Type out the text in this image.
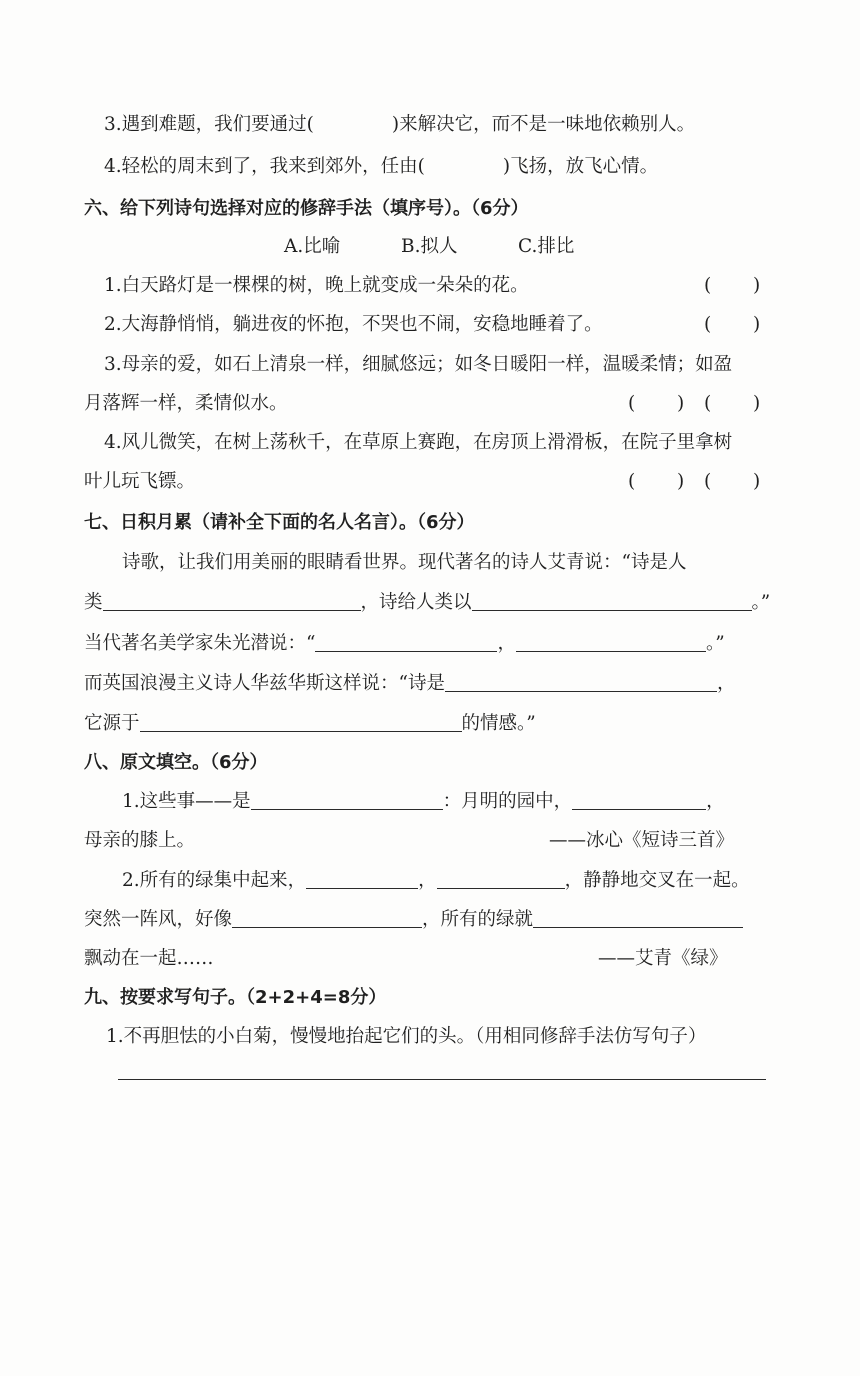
3.遇到难题，我们要通过(	)来解决它，而不是一味地依赖别人。
4.轻松的周末到了，我来到郊外，任由(	)飞扬，放飞心情。
六、给下列诗句选择对应的修辞手法（填序号）。（6分）
A.比喻	B.拟人	C.排比
1.白天路灯是一棵棵的树，晚上就变成一朵朵的花。	( )
2.大海静悄悄，躺进夜的怀抱，不哭也不闹，安稳地睡着了。	( )
3.母亲的爱，如石上清泉一样，细腻悠远；如冬日暖阳一样，温暖柔情；如盈
月落辉一样，柔情似水。	( ) ( )
4.风儿微笑，在树上荡秋千，在草原上赛跑，在房顶上滑滑板，在院子里拿树
叶儿玩飞镖。	( ) ( )
七、日积月累（请补全下面的名人名言）。（6分）
诗歌，让我们用美丽的眼睛看世界。现代著名的诗人艾青说：“诗是人
类	，诗给人类以	。”
当代著名美学家朱光潜说：“	，	。”
而英国浪漫主义诗人华兹华斯这样说：“诗是	，
它源于	的情感。”
八、原文填空。（6分）
1.这些事——是	：月明的园中，	，
母亲的膝上。	——冰心《短诗三首》
2.所有的绿集中起来，	，	，静静地交叉在一起。
突然一阵风，好像	，所有的绿就
飘动在一起……	——艾青《绿》
九、按要求写句子。（2+2+4=8分）
1.不再胆怯的小白菊，慢慢地抬起它们的头。（用相同修辞手法仿写句子）
